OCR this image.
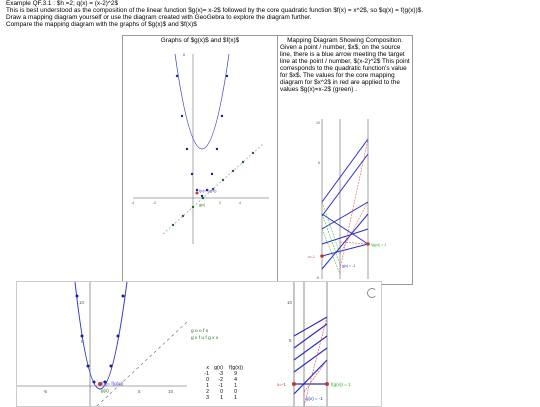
Example QF.3.1 : $h =2; q(x) = (x-2)^2$
This is best understood as the composition of the linear function $g(x)= x-2$ followed by the core quadratic function $f(x) = x^2$, so $q(x) = f(g(x))$.
Draw a mapping diagram yourself or use the diagram created with GeoGebra to explore the diagram further.
Compare the mapping diagram with the graphs of $g(x)$ and $f(x)$
Graphs of $g(x)$ and $f(x)$
-4	-2	2	4
8
f(x)= f(g(x))
g(x)
Mapping Diagram Showing Composition.
Given a point / number, $x$, on the source line, there is a blue arrow meeting the target line at the point / number, $(x-2)^2$ This point corresponds to the quadratic function's value for $x$. The values for the core mapping diagram for $x^2$ in red are applied to the values $g(x)=x-2$ (green) .
5
10
-5
f(g(x)) = 1
x=-1
g(x) = -1
-5	5	10
10
5
f(x)= f(g(x))
g(x)
g o o f o
g x f u f g x x
x g(x)	f(g(x))
-1	-3	9
0	-2	4
1	-1	1
2	0	0
3	1	1
10
5
f(g(x)) = 1
x=-1
g(x) = -1
